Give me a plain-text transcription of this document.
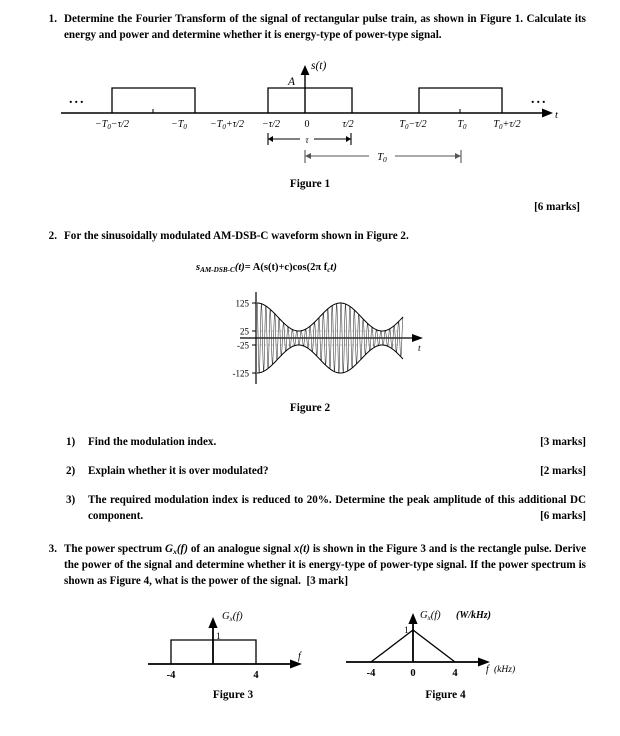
1. Determine the Fourier Transform of the signal of rectangular pulse train, as shown in Figure 1. Calculate its energy and power and determine whether it is energy-type of power-type signal.
...	...
t
s(t)
A
$-T_0-\tau/2$	$-T_0 -T_0+\tau/2 -\tau/2$ 0	τ/2	$T_0-\tau/2$	$T_0$	$T_0+\tau/2$
τ
T0
Figure 1
[6 marks]
2. For the sinusoidally modulated AM-DSB-C waveform shown in Figure 2.
sAM-DSB-C(t)= A(s(t)+c)cos(2π fct)
t
125
25
-25
-125
Figure 2
1)	Find the modulation index.	[3 marks]
2)	Explain whether it is over modulated?	[2 marks]
3)	The required modulation index is reduced to 20%. Determine the peak amplitude of this additional DC component.	[6 marks]
3. The power spectrum Gx(f) of an analogue signal x(t) is shown in the Figure 3 and is the rectangle pulse. Derive the power of the signal and determine whether it is energy-type of power-type signal. If the power spectrum is shown as Figure 4, what is the power of the signal. [3 mark]
f
Gx(f)
1
-4	4
f (kHz)
Gx(f) (W/kHz)
1
-4	0	4
Figure 3	Figure 4
